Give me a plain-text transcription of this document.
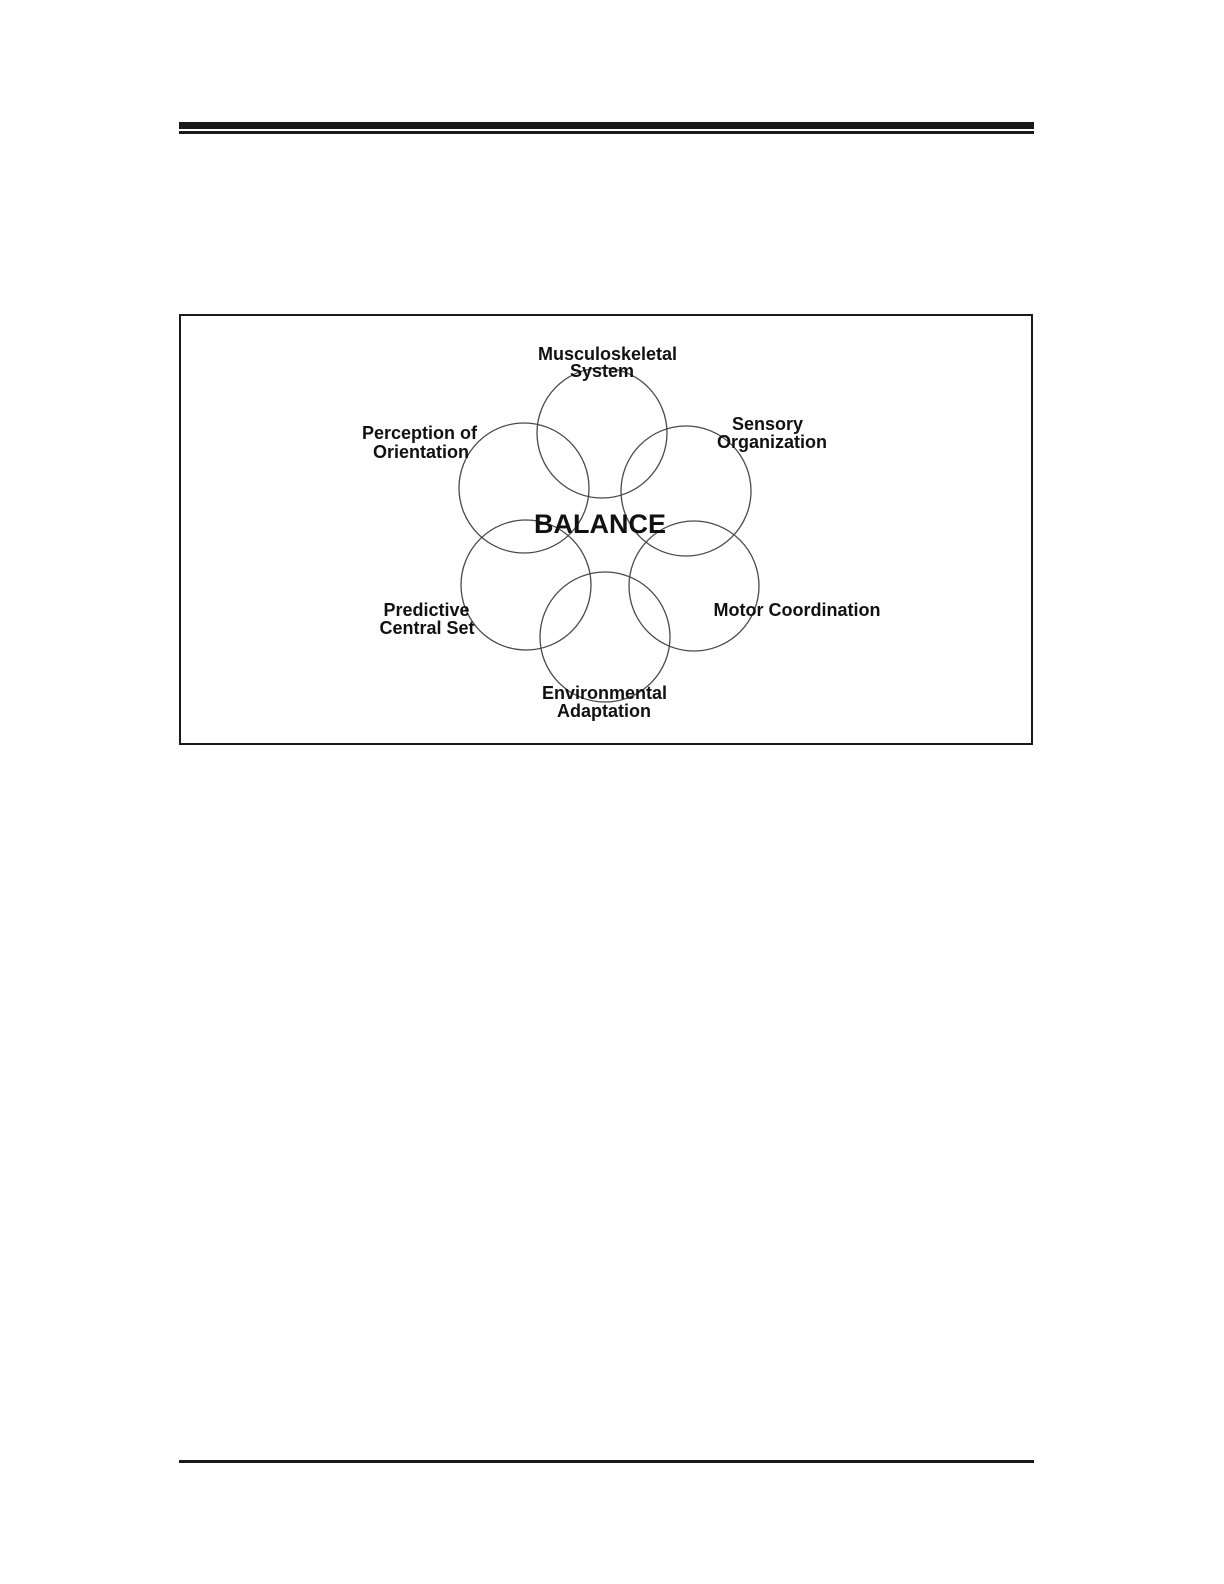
BALANCE
Musculoskeletal System
Sensory Organization
Motor Coordination
Environmental Adaptation
Predictive Central Set
Perception of Orientation
